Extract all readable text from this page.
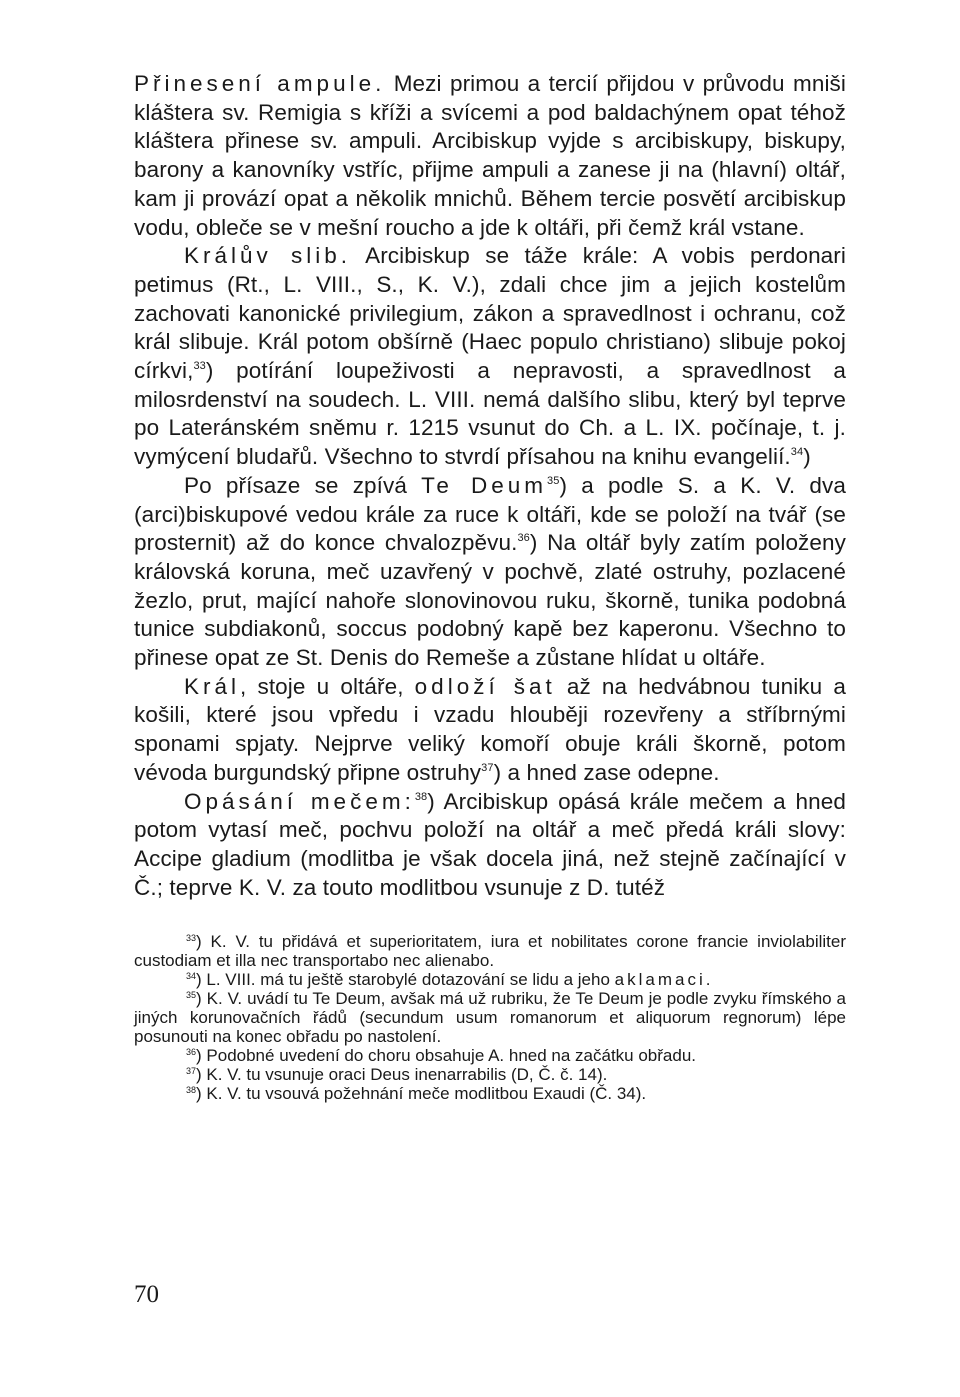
Přinesení ampule. Mezi primou a tercií přijdou v průvodu mniši kláštera sv. Remigia s kříži a svícemi a pod baldachýnem opat téhož kláštera přinese sv. ampuli. Arcibiskup vyjde s arcibiskupy, biskupy, barony a kanovníky vstříc, přijme ampuli a zanese ji na (hlavní) oltář, kam ji provází opat a několik mnichů. Během tercie posvětí arcibiskup vodu, obleče se v mešní roucho a jde k oltáři, při čemž král vstane.

Králův slib. Arcibiskup se táže krále: A vobis perdonari petimus (Rt., L. VIII., S., K. V.), zdali chce jim a jejich kostelům zachovati kanonické privilegium, zákon a spravedlnost i ochranu, což král slibuje. Král potom obšírně (Haec populo christiano) slibuje pokoj církvi,$^{33}$) potírání loupeživosti a nepravosti, a spravedlnost a milosrdenství na soudech. L. VIII. nemá dalšího slibu, který byl teprve po Lateránském sněmu r. 1215 vsunut do Ch. a L. IX. počínaje, t. j. vymýcení bludařů. Všechno to stvrdí přísahou na knihu evangelií.$^{34}$)

Po přísaze se zpívá Te Deum$^{35}$) a podle S. a K. V. dva (arci)biskupové vedou krále za ruce k oltáři, kde se položí na tvář (se prosternit) až do konce chvalozpěvu.$^{36}$) Na oltář byly zatím položeny královská koruna, meč uzavřený v pochvě, zlaté ostruhy, pozlacené žezlo, prut, mající nahoře slonovinovou ruku, škorně, tunika podobná tunice subdiakonů, soccus podobný kapě bez kaperonu. Všechno to přinese opat ze St. Denis do Remeše a zůstane hlídat u oltáře.

Král, stoje u oltáře, odloží šat až na hedvábnou tuniku a košili, které jsou vpředu i vzadu hlouběji rozevřeny a stříbrnými sponami spjaty. Nejprve veliký komoří obuje králi škorně, potom vévoda burgundský připne ostruhy$^{37}$) a hned zase odepne.

Opásání mečem:$^{38}$) Arcibiskup opásá krále mečem a hned potom vytasí meč, pochvu položí na oltář a meč předá králi slovy: Accipe gladium (modlitba je však docela jiná, než stejně začínající v Č.; teprve K. V. za touto modlitbou vsunuje z D. tutéž

$^{33}$) K. V. tu přidává et superioritatem, iura et nobilitates corone francie inviolabiliter custodiam et illa nec transportabo nec alienabo.

$^{34}$) L. VIII. má tu ještě starobylé dotazování se lidu a jeho aklamaci.

$^{35}$) K. V. uvádí tu Te Deum, avšak má už rubriku, že Te Deum je podle zvyku římského a jiných korunovačních řádů (secundum usum romanorum et aliquorum regnorum) lépe posunouti na konec obřadu po nastolení.

$^{36}$) Podobné uvedení do choru obsahuje A. hned na začátku obřadu.

$^{37}$) K. V. tu vsunuje oraci Deus inenarrabilis (D, Č. č. 14).

$^{38}$) K. V. tu vsouvá požehnání meče modlitbou Exaudi (Č. 34).

70
